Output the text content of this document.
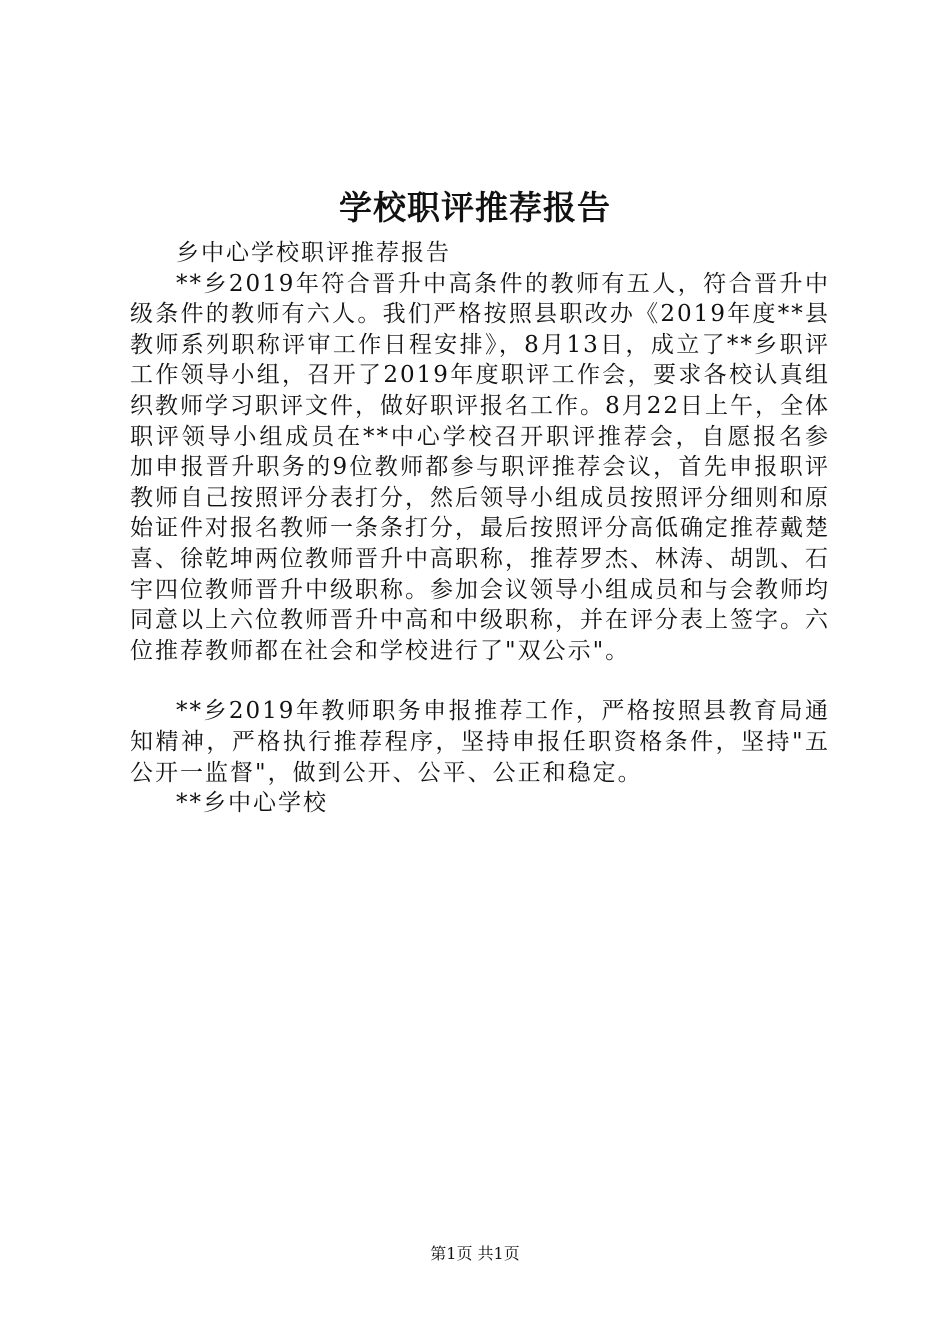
学校职评推荐报告

乡中心学校职评推荐报告

**乡2019年符合晋升中高条件的教师有五人，符合晋升中级条件的教师有六人。我们严格按照县职改办《2019年度**县教师系列职称评审工作日程安排》，8月13日，成立了**乡职评工作领导小组，召开了2019年度职评工作会，要求各校认真组织教师学习职评文件，做好职评报名工作。8月22日上午，全体职评领导小组成员在**中心学校召开职评推荐会，自愿报名参加申报晋升职务的9位教师都参与职评推荐会议，首先申报职评教师自己按照评分表打分，然后领导小组成员按照评分细则和原始证件对报名教师一条条打分，最后按照评分高低确定推荐戴楚喜、徐乾坤两位教师晋升中高职称，推荐罗杰、林涛、胡凯、石宇四位教师晋升中级职称。参加会议领导小组成员和与会教师均同意以上六位教师晋升中高和中级职称，并在评分表上签字。六位推荐教师都在社会和学校进行了"双公示"。

**乡2019年教师职务申报推荐工作，严格按照县教育局通知精神，严格执行推荐程序，坚持申报任职资格条件，坚持"五公开一监督"，做到公开、公平、公正和稳定。

**乡中心学校

第1页 共1页
